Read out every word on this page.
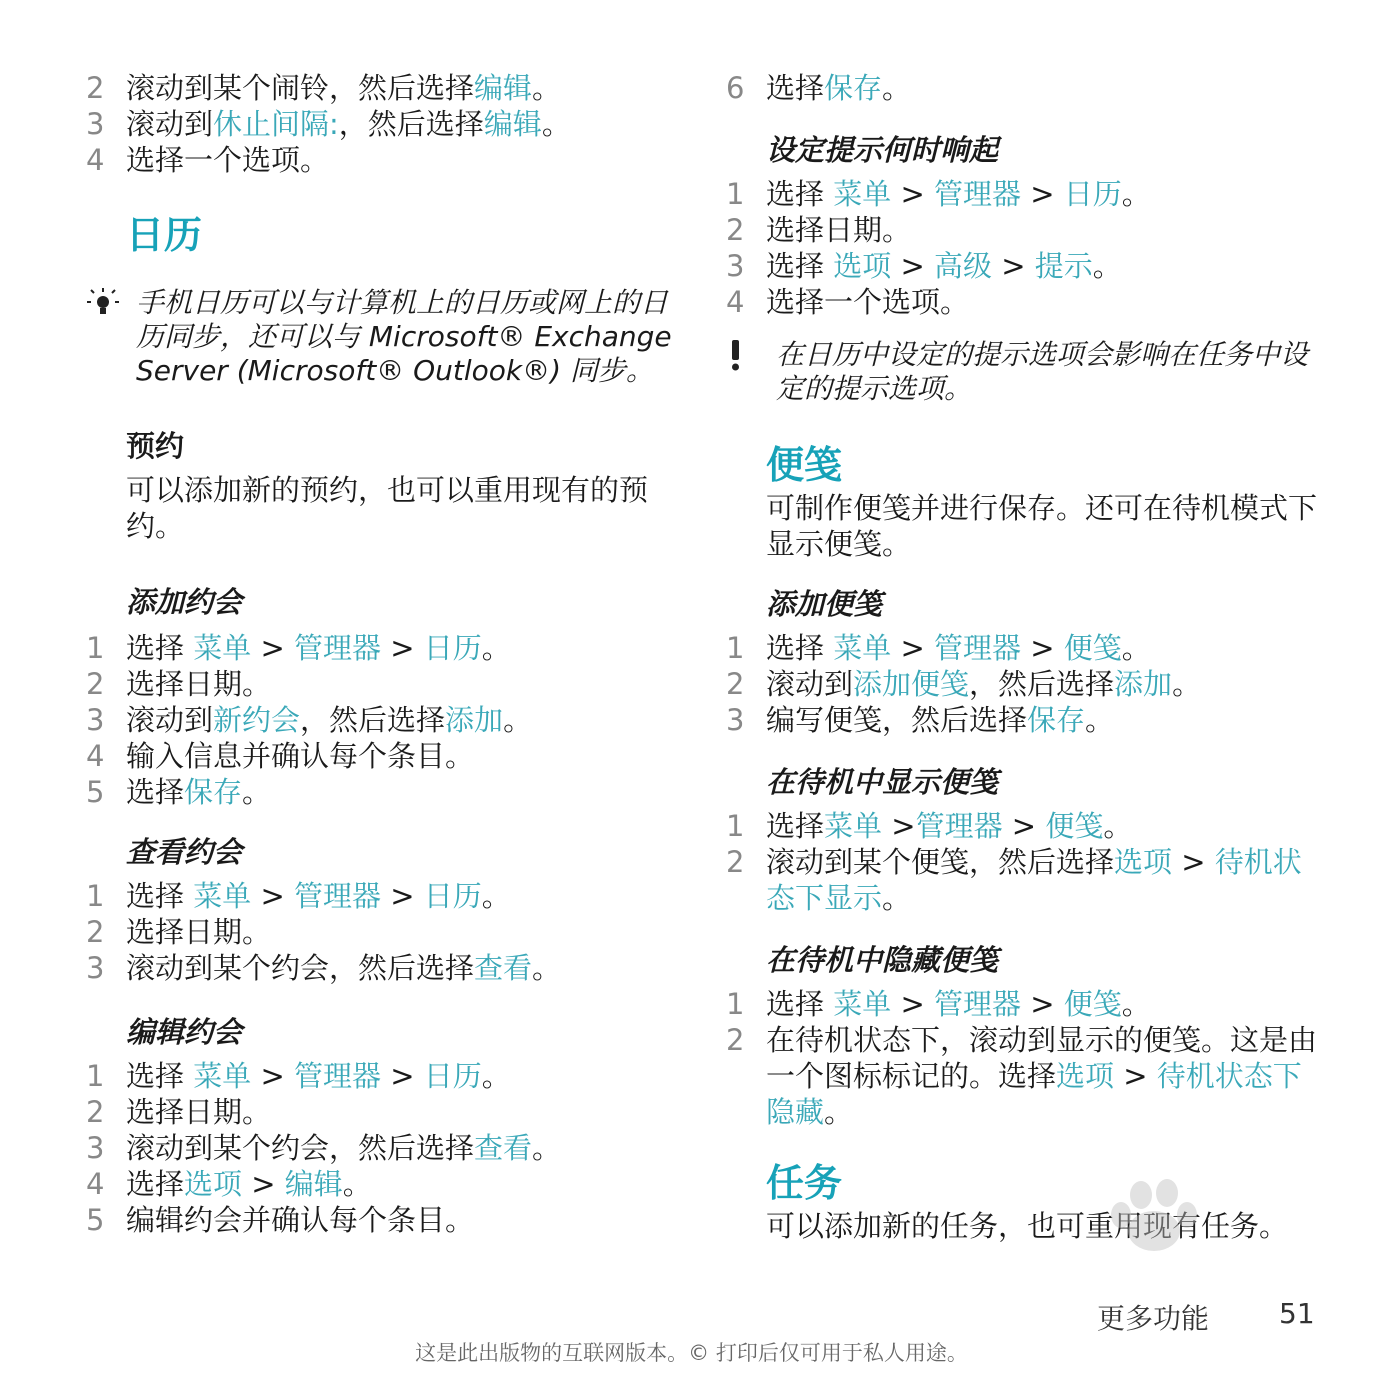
2 滚动到某个闹铃，然后选择编辑。
3 滚动到休止间隔:，然后选择编辑。
4 选择一个选项。
日历
手机日历可以与计算机上的日历或网上的日历同步，还可以与 Microsoft® Exchange Server (Microsoft® Outlook®) 同步。
预约
可以添加新的预约，也可以重用现有的预约。
添加约会
1 选择 菜单 > 管理器 > 日历。
2 选择日期。
3 滚动到新约会，然后选择添加。
4 输入信息并确认每个条目。
5 选择保存。
查看约会
1 选择 菜单 > 管理器 > 日历。
2 选择日期。
3 滚动到某个约会，然后选择查看。
编辑约会
1 选择 菜单 > 管理器 > 日历。
2 选择日期。
3 滚动到某个约会，然后选择查看。
4 选择选项 > 编辑。
5 编辑约会并确认每个条目。
6 选择保存。
设定提示何时响起
1 选择 菜单 > 管理器 > 日历。
2 选择日期。
3 选择 选项 > 高级 > 提示。
4 选择一个选项。
在日历中设定的提示选项会影响在任务中设定的提示选项。
便笺
可制作便笺并进行保存。还可在待机模式下显示便笺。
添加便笺
1 选择 菜单 > 管理器 > 便笺。
2 滚动到添加便笺，然后选择添加。
3 编写便笺，然后选择保存。
在待机中显示便笺
1 选择菜单 >管理器 > 便笺。
2 滚动到某个便笺，然后选择选项 > 待机状态下显示。
在待机中隐藏便笺
1 选择 菜单 > 管理器 > 便笺。
2 在待机状态下，滚动到显示的便笺。这是由一个图标标记的。选择选项 > 待机状态下隐藏。
任务
可以添加新的任务，也可重用现有任务。
更多功能 51
这是此出版物的互联网版本。© 打印后仅可用于私人用途。
